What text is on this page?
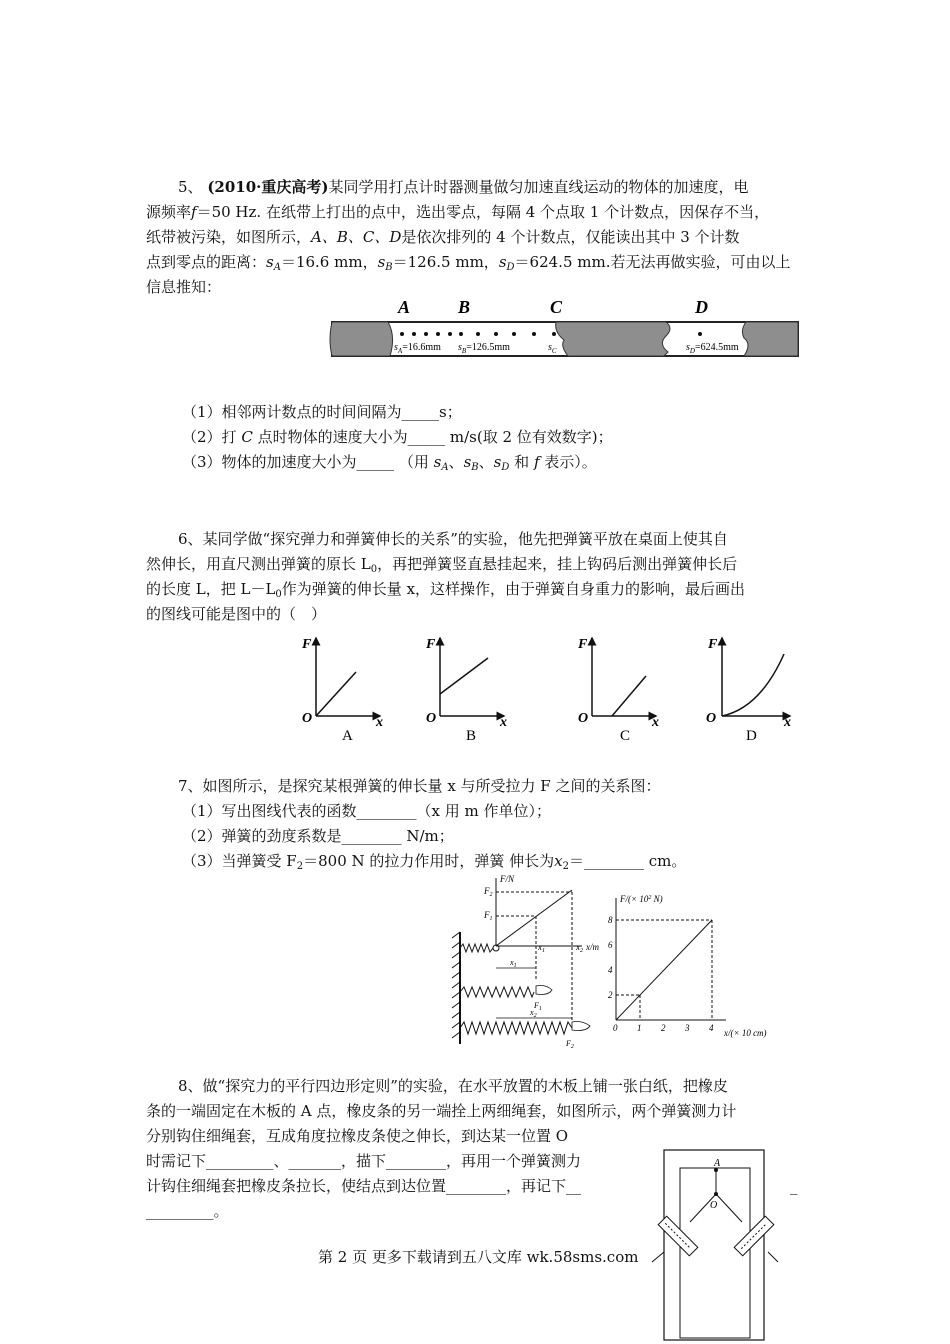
5、 (2010·重庆高考)某同学用打点计时器测量做匀加速直线运动的物体的加速度，电
源频率f＝50 Hz. 在纸带上打出的点中，选出零点，每隔 4 个点取 1 个计数点，因保存不当，
纸带被污染，如图所示，A、B、C、D是依次排列的 4 个计数点，仅能读出其中 3 个计数
点到零点的距离：$s_A=16.6$ mm，$s_B=126.5$ mm，$s_D=624.5$ mm.若无法再做实验，可由以上
信息推知：
A	B	C	D
$s_A=16.6mm$ $s_B=126.5mm$	$s_C$	$s_D=624.5mm$
（1）相邻两计数点的时间间隔为_____s；
（2）打 C 点时物体的速度大小为_____ m/s(取 2 位有效数字)；
（3）物体的加速度大小为_____ （用 $s_A$、$s_B$、$s_D$ 和 f 表示）。
6、某同学做“探究弹力和弹簧伸长的关系”的实验，他先把弹簧平放在桌面上使其自
然伸长，用直尺测出弹簧的原长 $L_0$，再把弹簧竖直悬挂起来，挂上钩码后测出弹簧伸长后
的长度 L，把 $L-L_0$作为弹簧的伸长量 x，这样操作，由于弹簧自身重力的影响，最后画出
的图线可能是图中的（　）
F
O	x
A
F
O	x
B
F
O	x
C
F
O	x
D
7、如图所示，是探究某根弹簧的伸长量 x 与所受拉力 F 之间的关系图：
（1）写出图线代表的函数________（x 用 m 作单位）；
（2）弹簧的劲度系数是________ N/m；
（3）当弹簧受 $F_2=800$ N 的拉力作用时，弹簧 伸长为$x_2=\_\_\_\_\_\_\_\_$ cm。
F/N
$F_2$
$F_1$
$x_2$ x/m
$x_1$
$x_1$
$F_1$
$x_2$
$F_2$
$F/(\times 10^2$ N)
x/(× 10 cm)
2
4
6
8
0 1 2 3 4
8、做“探究力的平行四边形定则”的实验，在水平放置的木板上铺一张白纸，把橡皮
条的一端固定在木板的 A 点，橡皮条的另一端拴上两细绳套，如图所示，两个弹簧测力计
分别钩住细绳套，互成角度拉橡皮条使之伸长，到达某一位置 O
时需记下_________、_______，描下________，再用一个弹簧测力
计钩住细绳套把橡皮条拉长，使结点到达位置________，再记下__	_
_________。
A
O
第 2 页 更多下载请到五八文库 wk.58sms.com
